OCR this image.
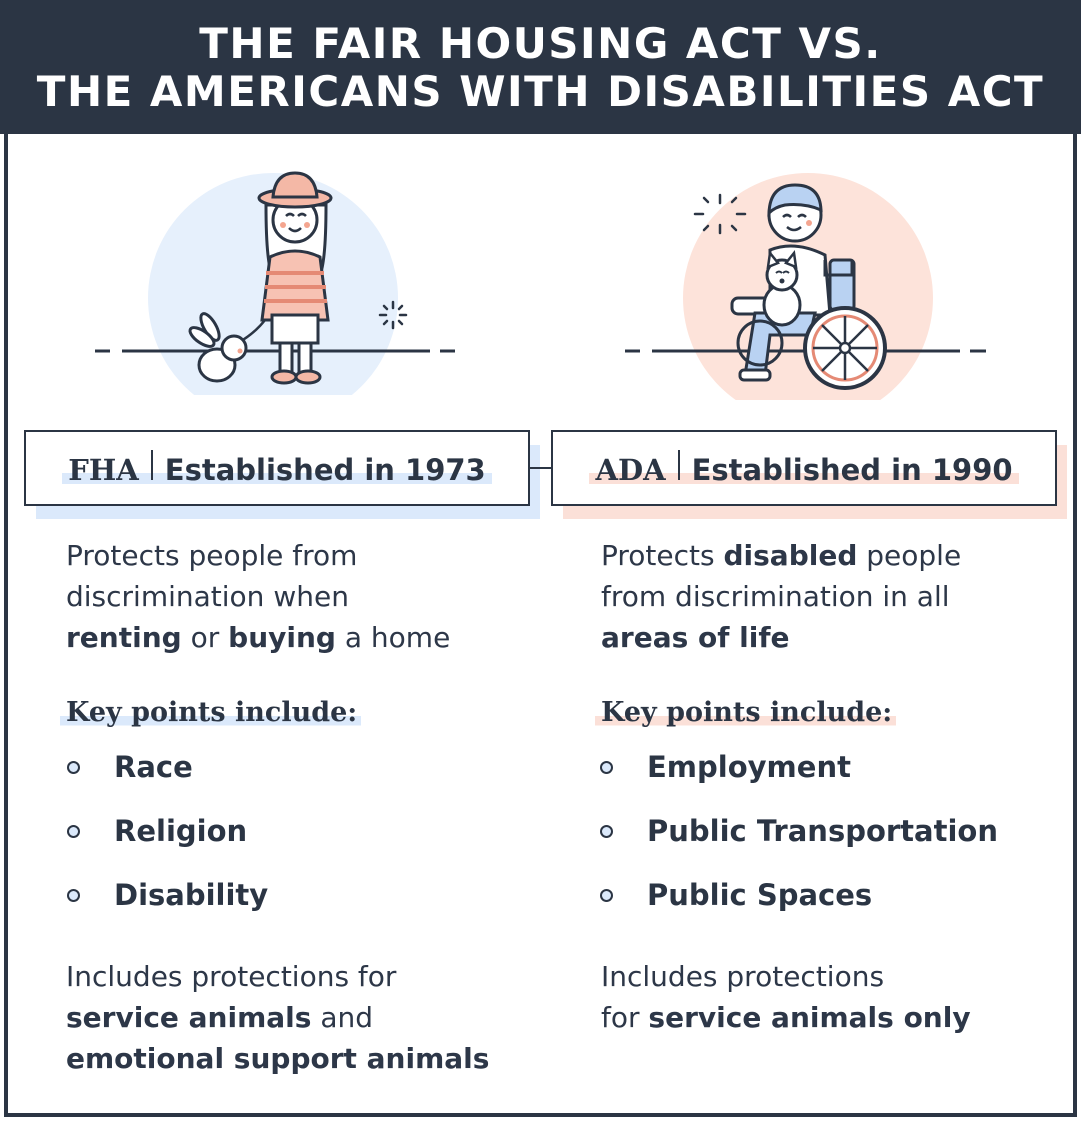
THE FAIR HOUSING ACT VS.
THE AMERICANS WITH DISABILITIES ACT
FHA Established in 1973	ADA Established in 1990
Protects people from
discrimination when
renting or buying a home
Protects disabled people
from discrimination in all
areas of life
Key points include:	Key points include:
Race
Religion
Disability
Employment
Public Transportation
Public Spaces
Includes protections for
service animals and
emotional support animals
Includes protections
for service animals only
